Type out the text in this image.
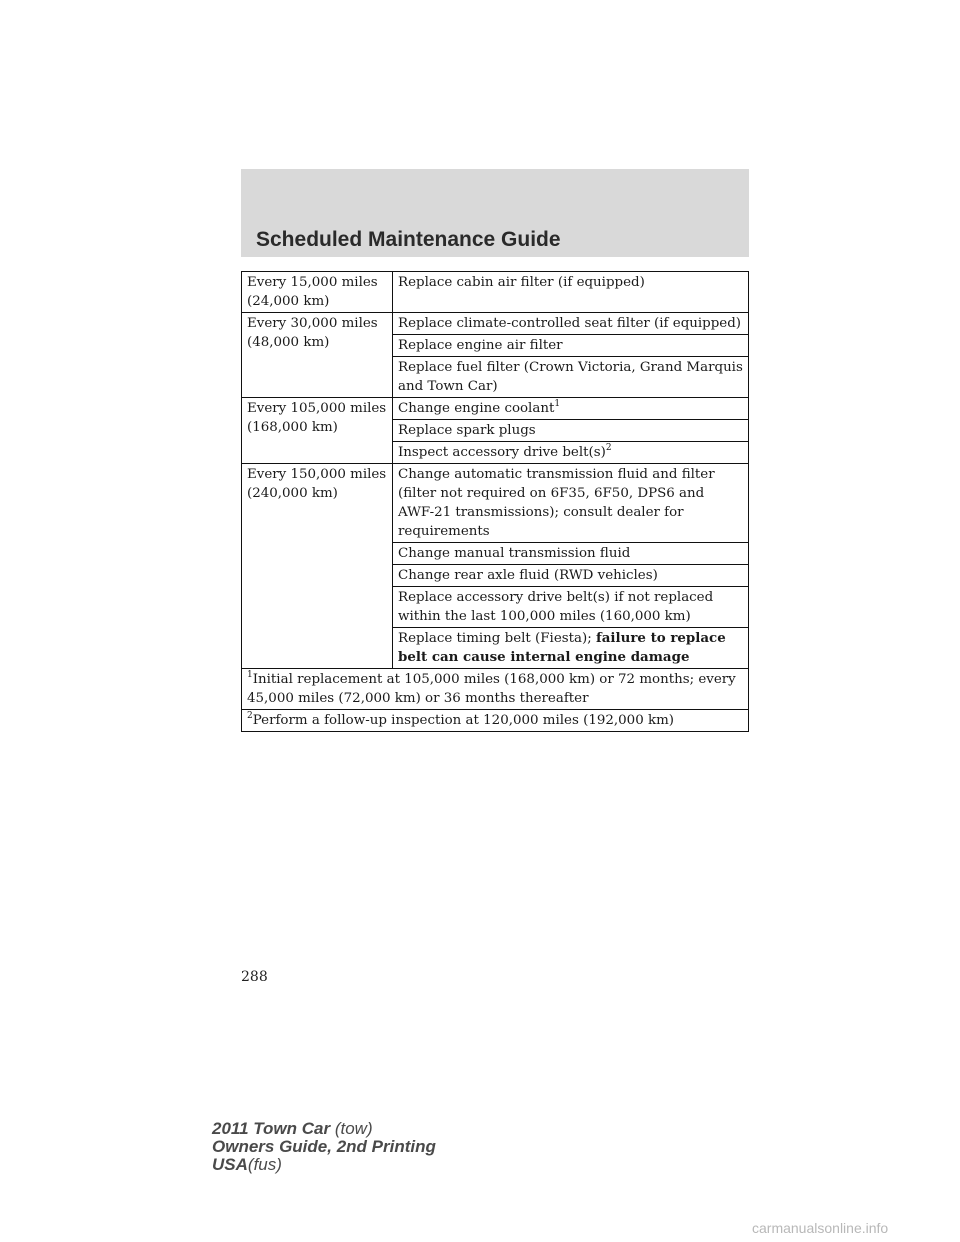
Scheduled Maintenance Guide
Every 15,000 miles (24,000 km)	Replace cabin air filter (if equipped)
Every 30,000 miles (48,000 km)	Replace climate-controlled seat filter (if equipped)
	Replace engine air filter
	Replace fuel filter (Crown Victoria, Grand Marquis and Town Car)
Every 105,000 miles (168,000 km)	Change engine coolant$^1$
	Replace spark plugs
	Inspect accessory drive $belt(s)^2$
Every 150,000 miles (240,000 km)	Change automatic transmission fluid and filter (filter not required on 6F35, 6F50, DPS6 and AWF-21 transmissions); consult dealer for requirements
	Change manual transmission fluid
	Change rear axle fluid (RWD vehicles)
	Replace accessory drive belt(s) if not replaced within the last 100,000 miles (160,000 km)
	Replace timing belt (Fiesta); failure to replace belt can cause internal engine damage
$^1$Initial replacement at 105,000 miles (168,000 km) or 72 months; every 45,000 miles (72,000 km) or 36 months thereafter	
$^2$Perform a follow-up inspection at 120,000 miles (192,000 km)	
288
2011 Town Car (tow)
Owners Guide, 2nd Printing
USA(fus)
carmanualsonline.info
